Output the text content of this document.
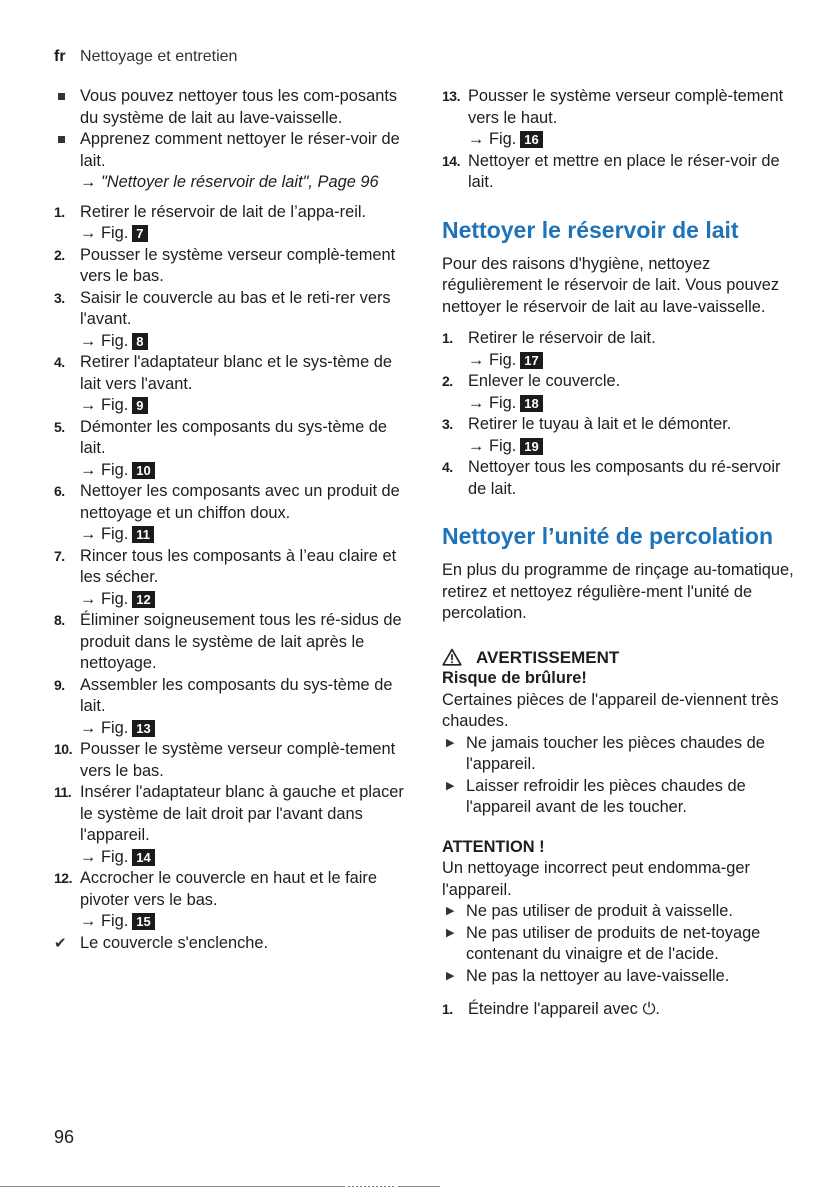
fr Nettoyage et entretien
Vous pouvez nettoyer tous les com-posants du système de lait au lave-vaisselle.
Apprenez comment nettoyer le réser-voir de lait.
→ "Nettoyer le réservoir de lait", Page 96
1. Retirer le réservoir de lait de l’appa-reil.
→ Fig. 7
2. Pousser le système verseur complè-tement vers le bas.
3. Saisir le couvercle au bas et le reti-rer vers l'avant.
→ Fig. 8
4. Retirer l'adaptateur blanc et le sys-tème de lait vers l'avant.
→ Fig. 9
5. Démonter les composants du sys-tème de lait.
→ Fig. 10
6. Nettoyer les composants avec un produit de nettoyage et un chiffon doux.
→ Fig. 11
7. Rincer tous les composants à l’eau claire et les sécher.
→ Fig. 12
8. Éliminer soigneusement tous les ré-sidus de produit dans le système de lait après le nettoyage.
9. Assembler les composants du sys-tème de lait.
→ Fig. 13
10. Pousser le système verseur complè-tement vers le bas.
11. Insérer l'adaptateur blanc à gauche et placer le système de lait droit par l'avant dans l'appareil.
→ Fig. 14
12. Accrocher le couvercle en haut et le faire pivoter vers le bas.
→ Fig. 15
✔ Le couvercle s'enclenche.
13. Pousser le système verseur complè-tement vers le haut.
→ Fig. 16
14. Nettoyer et mettre en place le réser-voir de lait.
Nettoyer le réservoir de lait

Pour des raisons d'hygiène, nettoyez régulièrement le réservoir de lait. Vous pouvez nettoyer le réservoir de lait au lave-vaisselle.

1. Retirer le réservoir de lait.
→ Fig. 17
2. Enlever le couvercle.
→ Fig. 18
3. Retirer le tuyau à lait et le démonter.
→ Fig. 19
4. Nettoyer tous les composants du ré-servoir de lait.
Nettoyer l’unité de percolation

En plus du programme de rinçage au-tomatique, retirez et nettoyez régulière-ment l'unité de percolation.

AVERTISSEMENT
Risque de brûlure!
Certaines pièces de l'appareil de-viennent très chaudes.
▶ Ne jamais toucher les pièces chaudes de l'appareil.
▶ Laisser refroidir les pièces chaudes de l'appareil avant de les toucher.
ATTENTION !
Un nettoyage incorrect peut endomma-ger l'appareil.
▶ Ne pas utiliser de produit à vaisselle.
▶ Ne pas utiliser de produits de net-toyage contenant du vinaigre et de l'acide.
▶ Ne pas la nettoyer au lave-vaisselle.
1. Éteindre l'appareil avec ⏻.
96
